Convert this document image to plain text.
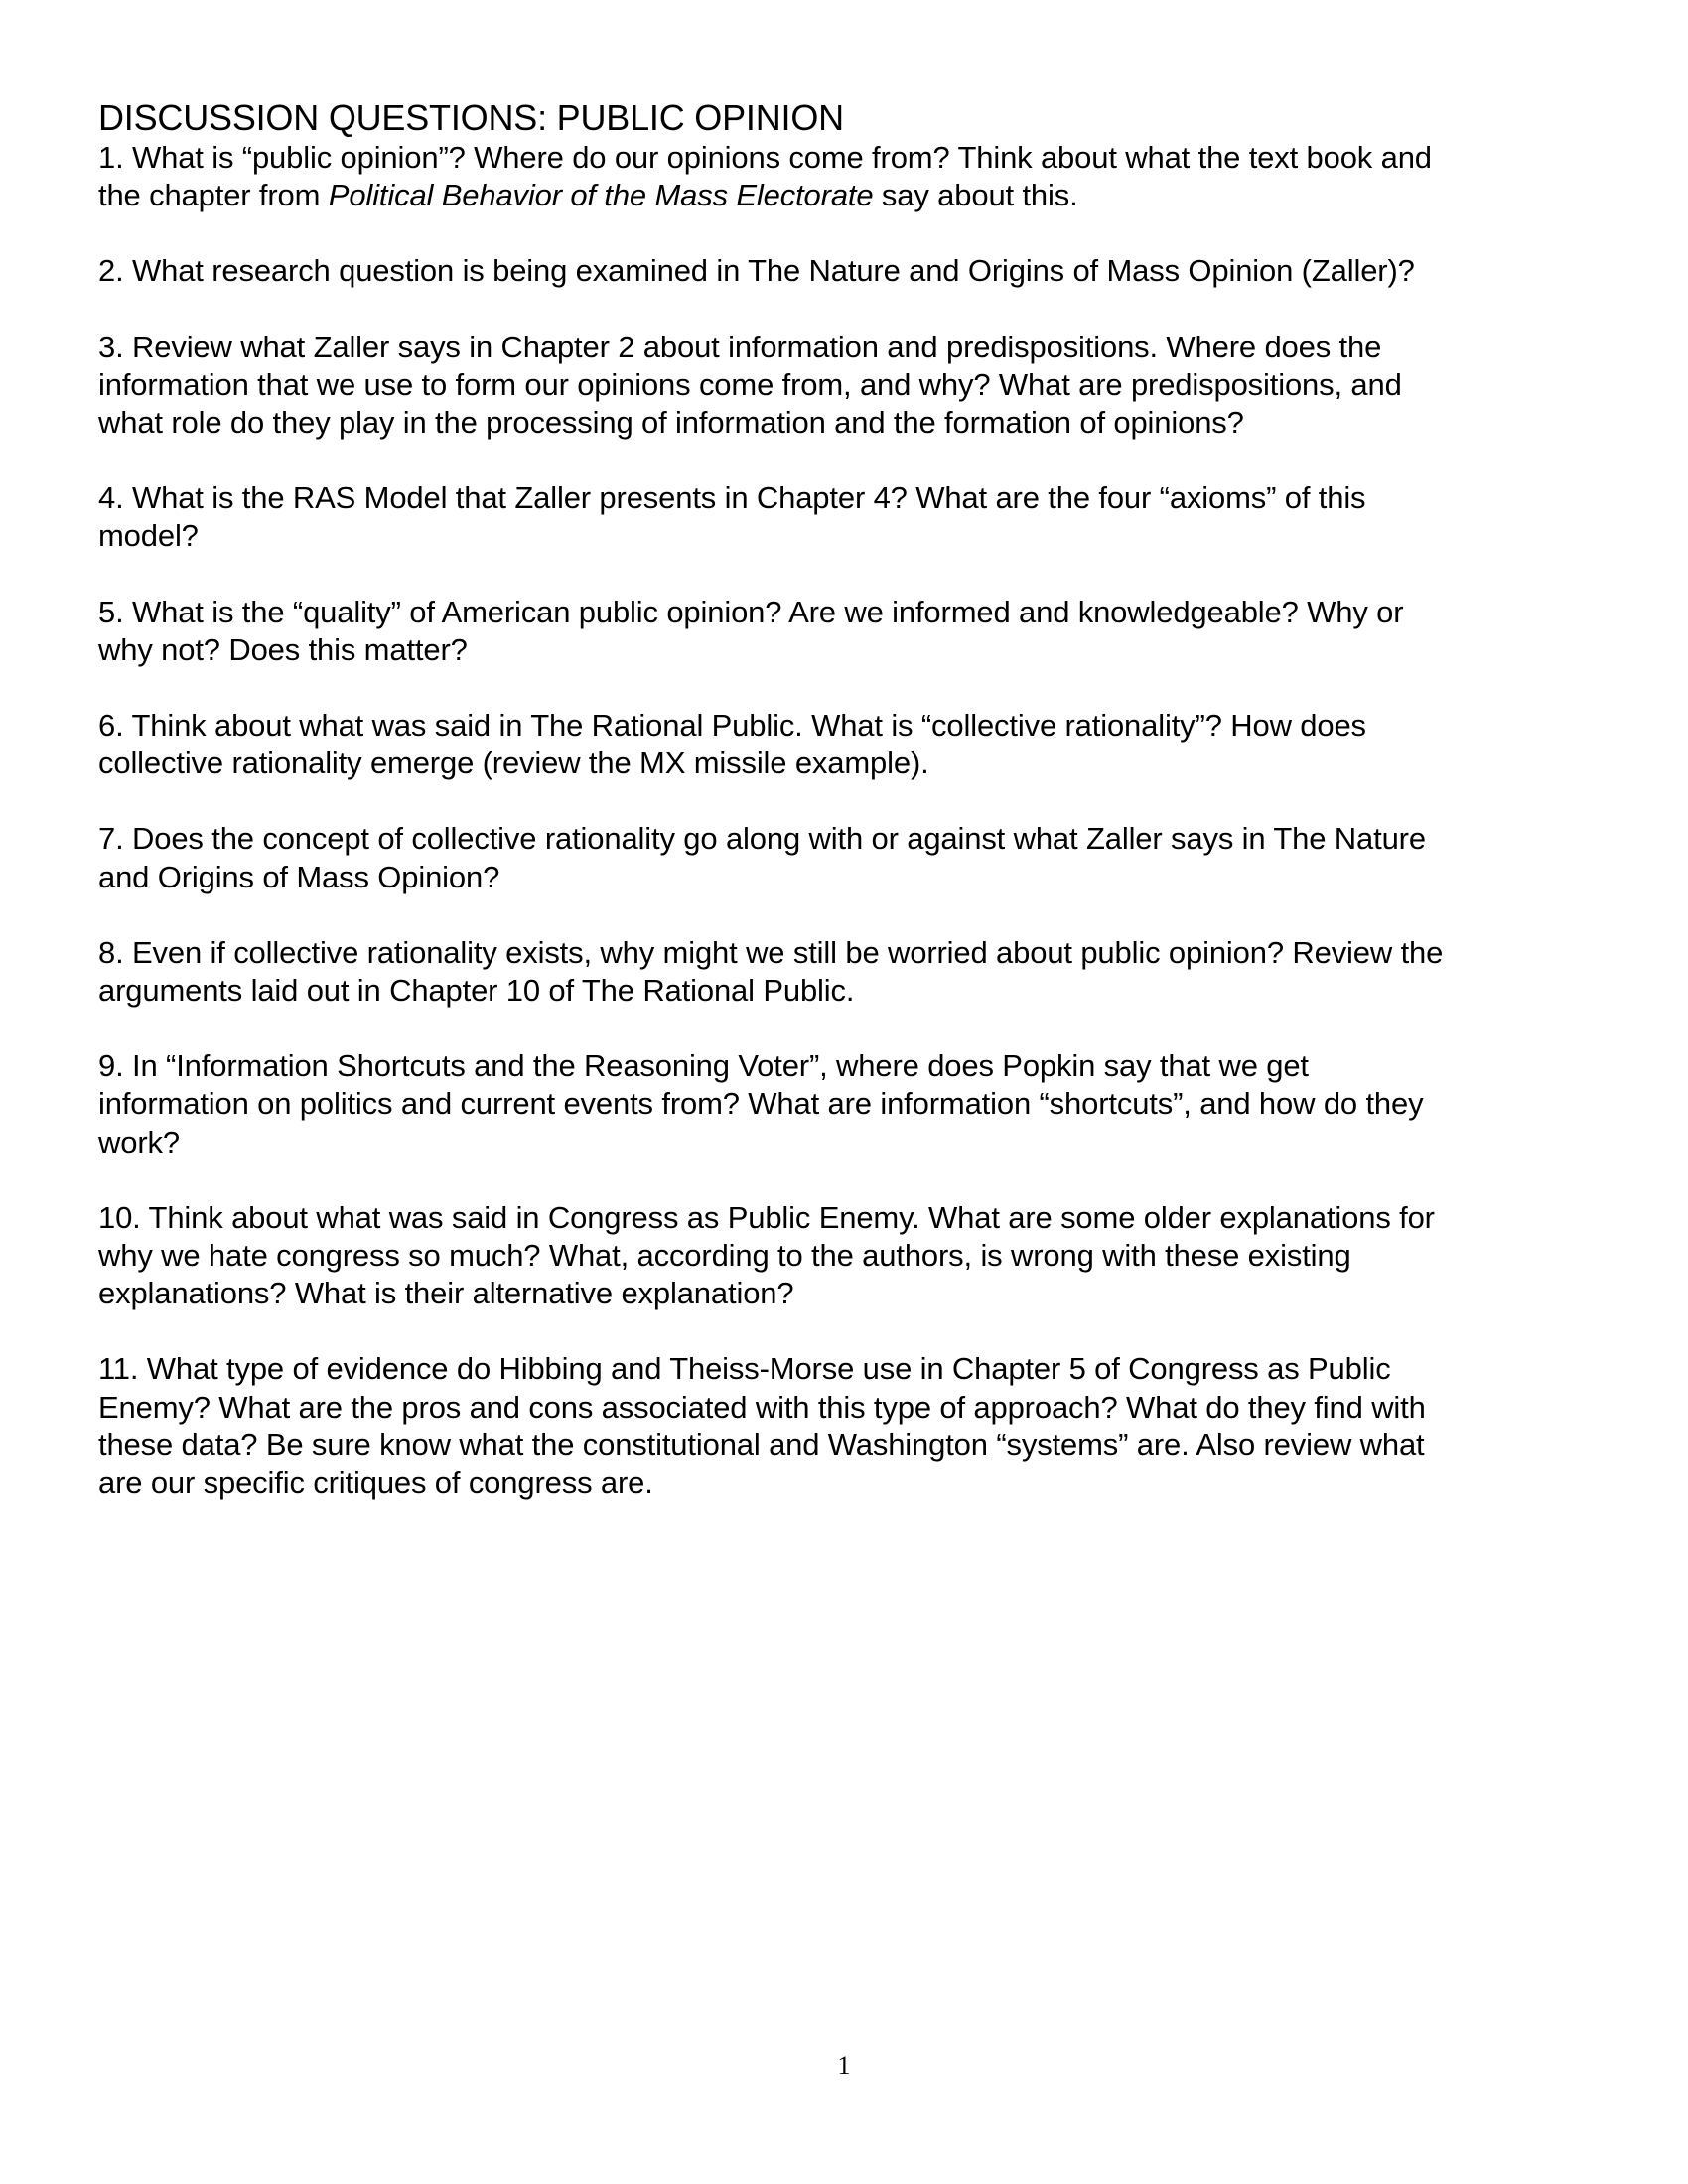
DISCUSSION QUESTIONS: PUBLIC OPINION

1. What is “public opinion”? Where do our opinions come from? Think about what the text book and
the chapter from Political Behavior of the Mass Electorate say about this.

2. What research question is being examined in The Nature and Origins of Mass Opinion (Zaller)?

3. Review what Zaller says in Chapter 2 about information and predispositions. Where does the
information that we use to form our opinions come from, and why? What are predispositions, and
what role do they play in the processing of information and the formation of opinions?

4. What is the RAS Model that Zaller presents in Chapter 4? What are the four “axioms” of this
model?

5. What is the “quality” of American public opinion? Are we informed and knowledgeable? Why or
why not? Does this matter?

6. Think about what was said in The Rational Public. What is “collective rationality”? How does
collective rationality emerge (review the MX missile example).

7. Does the concept of collective rationality go along with or against what Zaller says in The Nature
and Origins of Mass Opinion?

8. Even if collective rationality exists, why might we still be worried about public opinion? Review the
arguments laid out in Chapter 10 of The Rational Public.

9. In “Information Shortcuts and the Reasoning Voter”, where does Popkin say that we get
information on politics and current events from? What are information “shortcuts”, and how do they
work?

10. Think about what was said in Congress as Public Enemy. What are some older explanations for
why we hate congress so much? What, according to the authors, is wrong with these existing
explanations? What is their alternative explanation?

11. What type of evidence do Hibbing and Theiss-Morse use in Chapter 5 of Congress as Public
Enemy? What are the pros and cons associated with this type of approach? What do they find with
these data? Be sure know what the constitutional and Washington “systems” are. Also review what
are our specific critiques of congress are.

1
